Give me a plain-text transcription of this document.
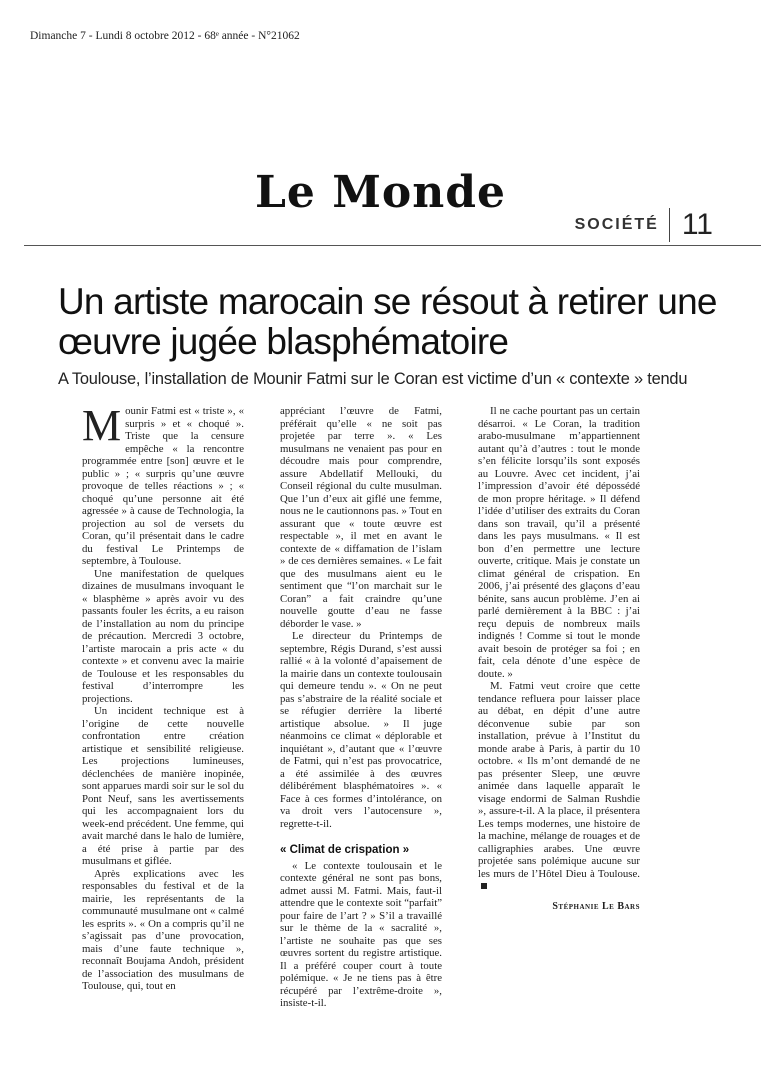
Dimanche 7 - Lundi 8 octobre 2012 - 68ᵉ année - N°21062
Le Monde
SOCIÉTÉ 11
Un artiste marocain se résout à retirer une œuvre jugée blasphématoire
A Toulouse, l’installation de Mounir Fatmi sur le Coran est victime d’un « contexte » tendu

Mounir Fatmi est « triste », « surpris » et « choqué ». Triste que la censure empêche « la rencontre programmée entre [son] œuvre et le public » ; « surpris qu’une œuvre provoque de telles réactions » ; « choqué qu’une personne ait été agressée » à cause de Technologia, la projection au sol de versets du Coran, qu’il présentait dans le cadre du festival Le Printemps de septembre, à Toulouse.

Une manifestation de quelques dizaines de musulmans invoquant le « blasphème » après avoir vu des passants fouler les écrits, a eu raison de l’installation au nom du principe de précaution. Mercredi 3 octobre, l’artiste marocain a pris acte « du contexte » et convenu avec la mairie de Toulouse et les responsables du festival d’interrompre les projections.

Un incident technique est à l’origine de cette nouvelle confrontation entre création artistique et sensibilité religieuse. Les projections lumineuses, déclenchées de manière inopinée, sont apparues mardi soir sur le sol du Pont Neuf, sans les avertissements qui les accompagnaient lors du week-end précédent. Une femme, qui avait marché dans le halo de lumière, a été prise à partie par des musulmans et giflée.

Après explications avec les responsables du festival et de la mairie, les représentants de la communauté musulmane ont « calmé les esprits ». « On a compris qu’il ne s’agissait pas d’une provocation, mais d’une faute technique », reconnaît Boujama Andoh, président de l’association des musulmans de Toulouse, qui, tout en

appréciant l’œuvre de Fatmi, préférait qu’elle « ne soit pas projetée par terre ». « Les musulmans ne venaient pas pour en découdre mais pour comprendre, assure Abdellatif Mellouki, du Conseil régional du culte musulman. Que l’un d’eux ait giflé une femme, nous ne le cautionnons pas. » Tout en assurant que « toute œuvre est respectable », il met en avant le contexte de « diffamation de l’islam » de ces dernières semaines. « Le fait que des musulmans aient eu le sentiment que “l’on marchait sur le Coran” a fait craindre qu’une nouvelle goutte d’eau ne fasse déborder le vase. »

Le directeur du Printemps de septembre, Régis Durand, s’est aussi rallié « à la volonté d’apaisement de la mairie dans un contexte toulousain qui demeure tendu ». « On ne peut pas s’abstraire de la réalité sociale et se réfugier derrière la liberté artistique absolue. » Il juge néanmoins ce climat « déplorable et inquiétant », d’autant que « l’œuvre de Fatmi, qui n’est pas provocatrice, a été assimilée à des œuvres délibérément blasphématoires ». « Face à ces formes d’intolérance, on va droit vers l’autocensure », regrette-t-il.

« Climat de crispation »

« Le contexte toulousain et le contexte général ne sont pas bons, admet aussi M. Fatmi. Mais, faut-il attendre que le contexte soit “parfait” pour faire de l’art ? » S’il a travaillé sur le thème de la « sacralité », l’artiste ne souhaite pas que ses œuvres sortent du registre artistique. Il a préféré couper court à toute polémique. « Je ne tiens pas à être récupéré par l’extrême-droite », insiste-t-il.

Il ne cache pourtant pas un certain désarroi. « Le Coran, la tradition arabo-musulmane m’appartiennent autant qu’à d’autres : tout le monde s’en félicite lorsqu’ils sont exposés au Louvre. Avec cet incident, j’ai l’impression d’avoir été dépossédé de mon propre héritage. » Il défend l’idée d’utiliser des extraits du Coran dans son travail, qu’il a présenté dans les pays musulmans. « Il est bon d’en permettre une lecture ouverte, critique. Mais je constate un climat général de crispation. En 2006, j’ai présenté des glaçons d’eau bénite, sans aucun problème. J’en ai parlé dernièrement à la BBC : j’ai reçu depuis de nombreux mails indignés ! Comme si tout le monde avait besoin de protéger sa foi ; en fait, cela dénote d’une espèce de doute. »

M. Fatmi veut croire que cette tendance refluera pour laisser place au débat, en dépit d’une autre déconvenue subie par son installation, prévue à l’Institut du monde arabe à Paris, à partir du 10 octobre. « Ils m’ont demandé de ne pas présenter Sleep, une œuvre animée dans laquelle apparaît le visage endormi de Salman Rushdie », assure-t-il. A la place, il présentera Les temps modernes, une histoire de la machine, mélange de rouages et de calligraphies arabes. Une œuvre projetée sans polémique aucune sur les murs de l’Hôtel Dieu à Toulouse.

Stéphanie Le Bars
